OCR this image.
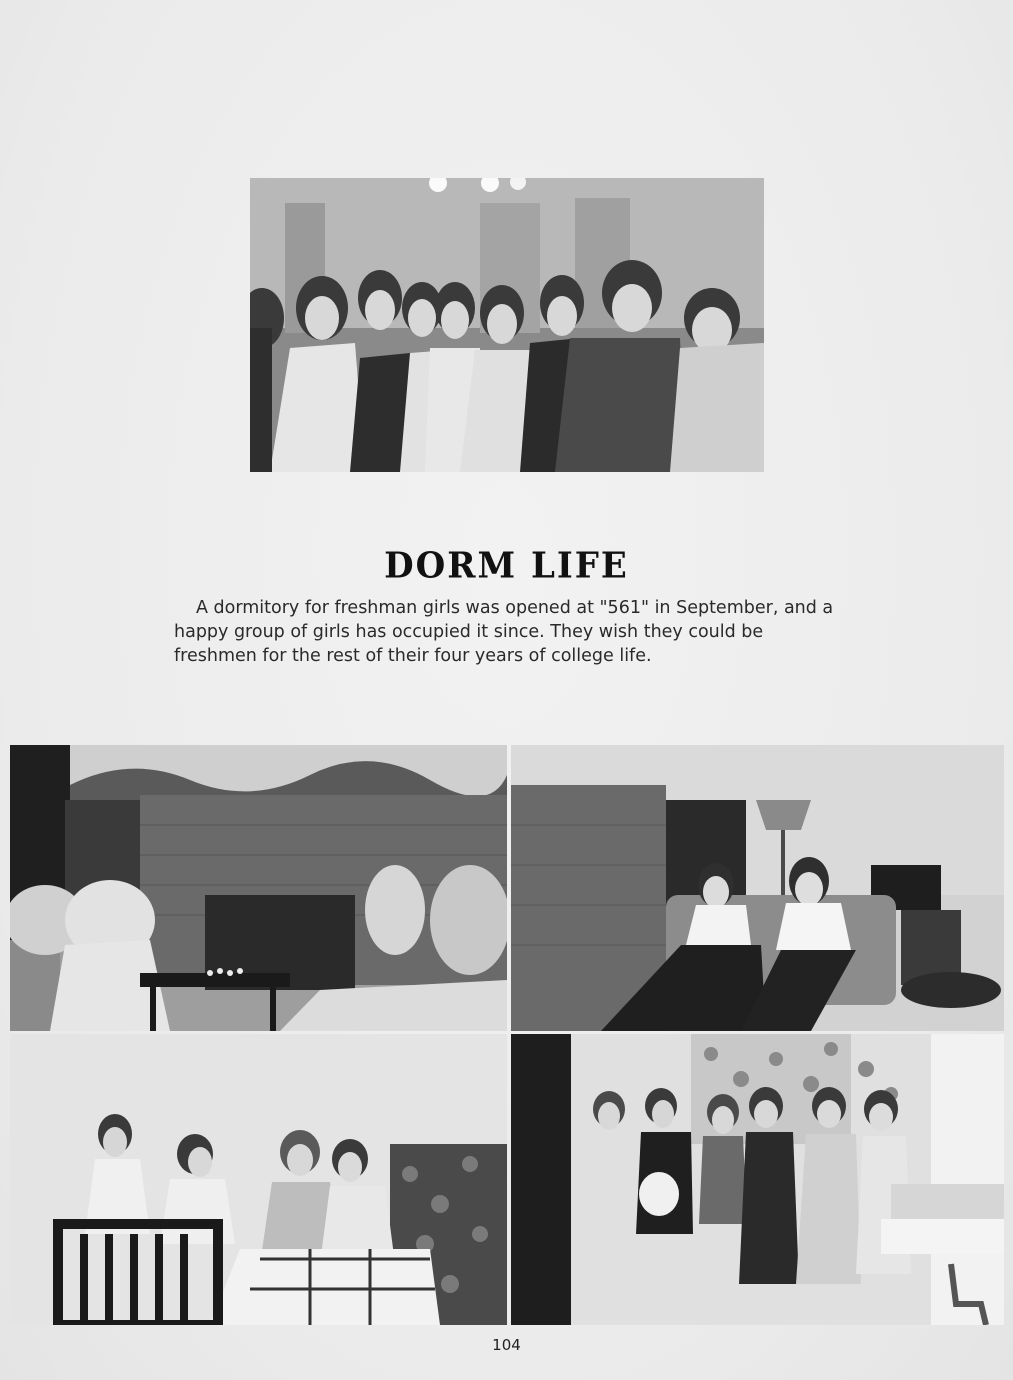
DORM LIFE

A dormitory for freshman girls was opened at "561" in September, and a happy group of girls has occupied it since. They wish they could be freshmen for the rest of their four years of college life.

104
